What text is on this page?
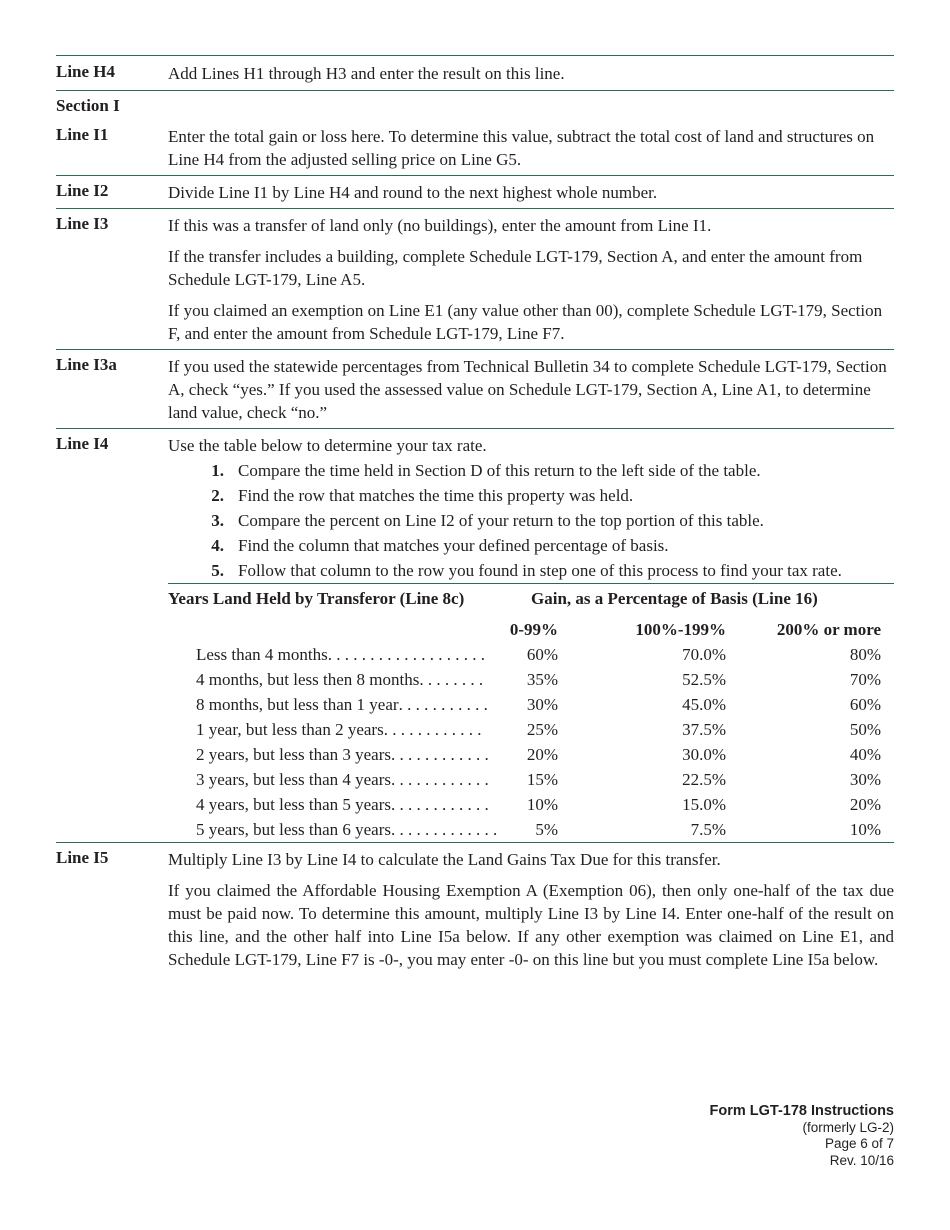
Line H4	Add Lines H1 through H3 and enter the result on this line.
Section I
Line I1	Enter the total gain or loss here. To determine this value, subtract the total cost of land and structures on Line H4 from the adjusted selling price on Line G5.
Line I2	Divide Line I1 by Line H4 and round to the next highest whole number.
Line I3	If this was a transfer of land only (no buildings), enter the amount from Line I1.

If the transfer includes a building, complete Schedule LGT-179, Section A, and enter the amount from Schedule LGT-179, Line A5.

If you claimed an exemption on Line E1 (any value other than 00), complete Schedule LGT-179, Section F, and enter the amount from Schedule LGT-179, Line F7.

Line I3a	If you used the statewide percentages from Technical Bulletin 34 to complete Schedule LGT-179, Section A, check “yes.” If you used the assessed value on Schedule LGT-179, Section A, Line A1, to determine land value, check “no.”
Line I4	Use the table below to determine your tax rate.

1. Compare the time held in Section D of this return to the left side of the table.
2. Find the row that matches the time this property was held.
3. Compare the percent on Line I2 of your return to the top portion of this table.
4. Find the column that matches your defined percentage of basis.
5. Follow that column to the row you found in step one of this process to find your tax rate.
Years Land Held by Transferor (Line 8c)	Gain, as a Percentage of Basis (Line 16)
0-99%	100%-199%	200% or more
Less than 4 months . . . . . . . . . . . . . . . . . . . 60%	70.0%	80%
4 months, but less then 8 months . . . . . . . .	35%	52.5%	70%
8 months, but less than 1 year . . . . . . . . . . . 30%	45.0%	60%
1 year, but less than 2 years . . . . . . . . . . . .	25%	37.5%	50%
2 years, but less than 3 years . . . . . . . . . . . . 20%	30.0%	40%
3 years, but less than 4 years . . . . . . . . . . . . 15%	22.5%	30%
4 years, but less than 5 years . . . . . . . . . . . . 10%	15.0%	20%
5 years, but less than 6 years . . . . . . . . . . . . . 5%	7.5%	10%
Line I5	Multiply Line I3 by Line I4 to calculate the Land Gains Tax Due for this transfer.

If you claimed the Affordable Housing Exemption A (Exemption 06), then only one-half of the tax due must be paid now. To determine this amount, multiply Line I3 by Line I4. Enter one-half of the result on this line, and the other half into Line I5a below. If any other exemption was claimed on Line E1, and Schedule LGT-179, Line F7 is -0-, you may enter -0- on this line but you must complete Line I5a below.

Form LGT-178 Instructions
(formerly LG-2)
Page 6 of 7
Rev. 10/16
